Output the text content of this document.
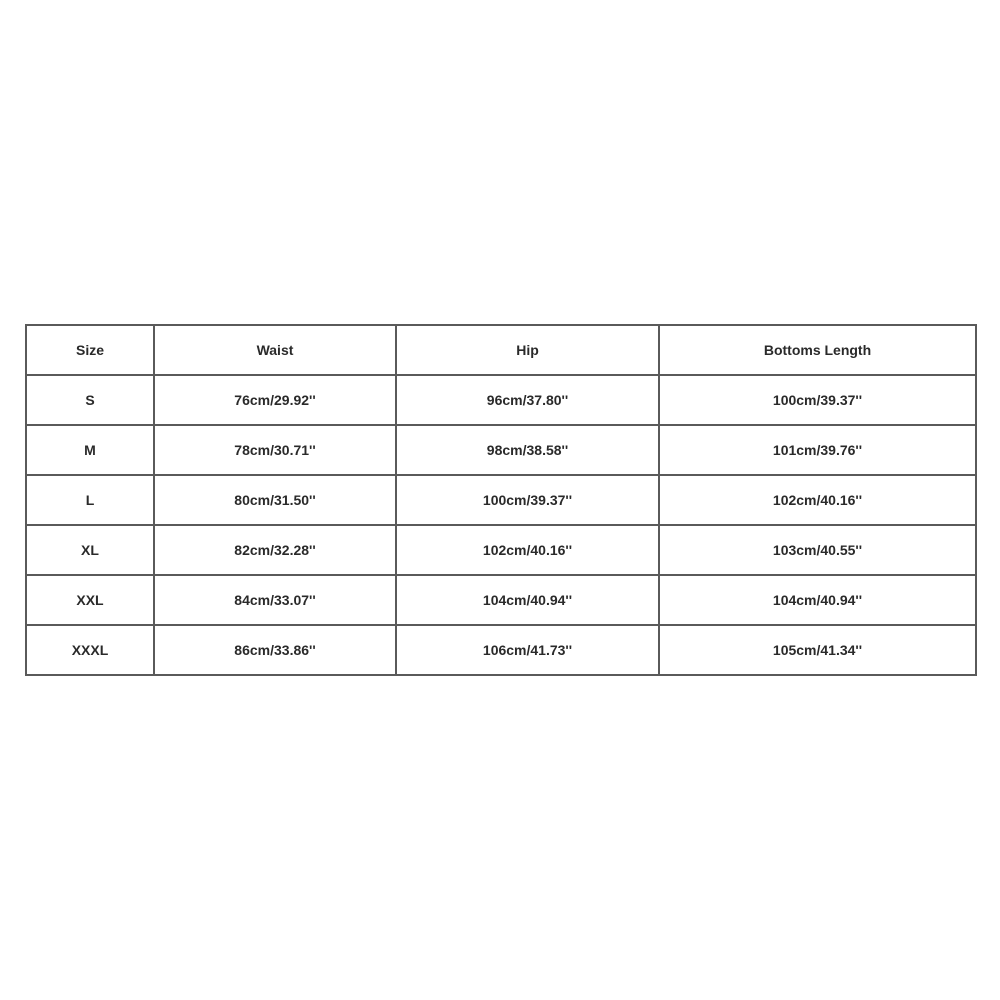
Size	Waist	Hip	Bottoms Length
S	76cm/29.92''	96cm/37.80''	100cm/39.37''
M	78cm/30.71''	98cm/38.58''	101cm/39.76''
L	80cm/31.50''	100cm/39.37''	102cm/40.16''
XL	82cm/32.28''	102cm/40.16''	103cm/40.55''
XXL	84cm/33.07''	104cm/40.94''	104cm/40.94''
XXXL	86cm/33.86''	106cm/41.73''	105cm/41.34''
